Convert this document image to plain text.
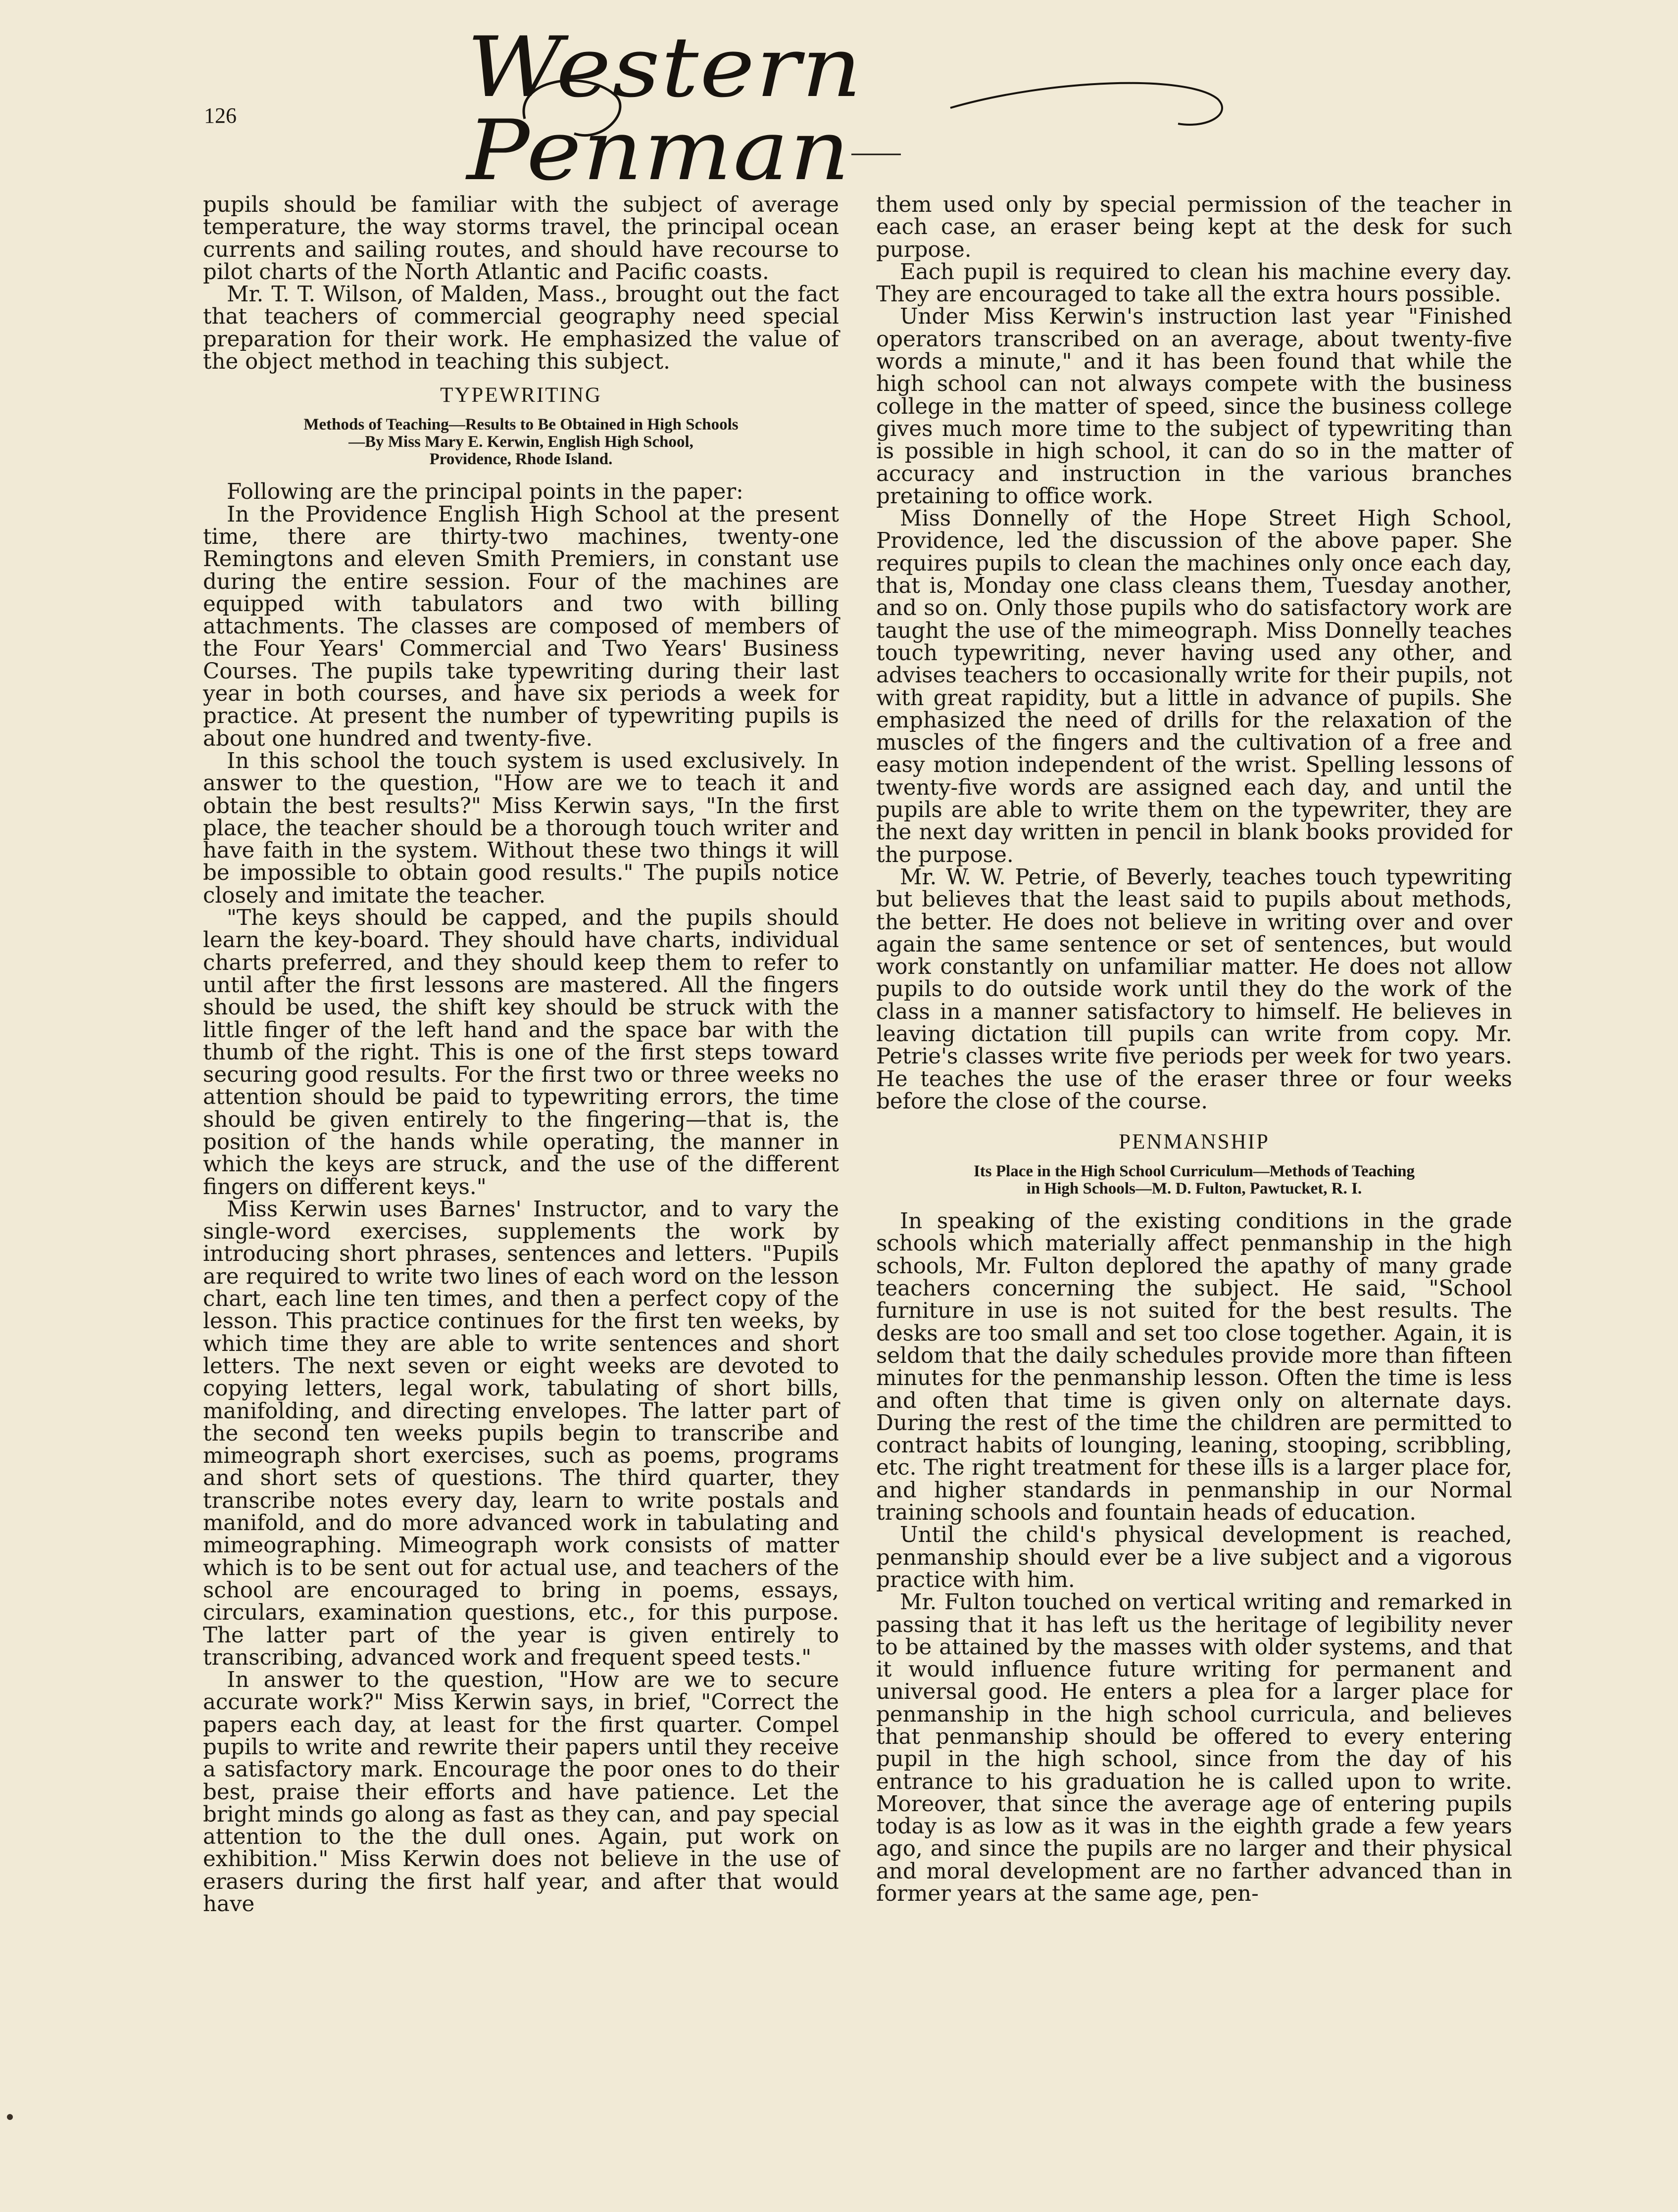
126	Western Penman

pupils should be familiar with the subject of average temperature, the way storms travel, the principal ocean currents and sailing routes, and should have recourse to pilot charts of the North Atlantic and Pacific coasts.

Mr. T. T. Wilson, of Malden, Mass., brought out the fact that teachers of commercial geography need special preparation for their work. He emphasized the value of the object method in teaching this subject.

TYPEWRITING
Methods of Teaching—Results to Be Obtained in High Schools
—By Miss Mary E. Kerwin, English High School,
Providence, Rhode Island.

Following are the principal points in the paper:

In the Providence English High School at the present time, there are thirty-two machines, twenty-one Remingtons and eleven Smith Premiers, in constant use during the entire session. Four of the machines are equipped with tabulators and two with billing attachments. The classes are composed of members of the Four Years' Commercial and Two Years' Business Courses. The pupils take typewriting during their last year in both courses, and have six periods a week for practice. At present the number of typewriting pupils is about one hundred and twenty-five.

In this school the touch system is used exclusively. In answer to the question, "How are we to teach it and obtain the best results?" Miss Kerwin says, "In the first place, the teacher should be a thorough touch writer and have faith in the system. Without these two things it will be impossible to obtain good results." The pupils notice closely and imitate the teacher.

"The keys should be capped, and the pupils should learn the key-board. They should have charts, individual charts preferred, and they should keep them to refer to until after the first lessons are mastered. All the fingers should be used, the shift key should be struck with the little finger of the left hand and the space bar with the thumb of the right. This is one of the first steps toward securing good results. For the first two or three weeks no attention should be paid to typewriting errors, the time should be given entirely to the fingering—that is, the position of the hands while operating, the manner in which the keys are struck, and the use of the different fingers on different keys."

Miss Kerwin uses Barnes' Instructor, and to vary the single-word exercises, supplements the work by introducing short phrases, sentences and letters. "Pupils are required to write two lines of each word on the lesson chart, each line ten times, and then a perfect copy of the lesson. This practice continues for the first ten weeks, by which time they are able to write sentences and short letters. The next seven or eight weeks are devoted to copying letters, legal work, tabulating of short bills, manifolding, and directing envelopes. The latter part of the second ten weeks pupils begin to transcribe and mimeograph short exercises, such as poems, programs and short sets of questions. The third quarter, they transcribe notes every day, learn to write postals and manifold, and do more advanced work in tabulating and mimeographing. Mimeograph work consists of matter which is to be sent out for actual use, and teachers of the school are encouraged to bring in poems, essays, circulars, examination questions, etc., for this purpose. The latter part of the year is given entirely to transcribing, advanced work and frequent speed tests."

In answer to the question, "How are we to secure accurate work?" Miss Kerwin says, in brief, "Correct the papers each day, at least for the first quarter. Compel pupils to write and rewrite their papers until they receive a satisfactory mark. Encourage the poor ones to do their best, praise their efforts and have patience. Let the bright minds go along as fast as they can, and pay special attention to the the dull ones. Again, put work on exhibition." Miss Kerwin does not believe in the use of erasers during the first half year, and after that would have

them used only by special permission of the teacher in each case, an eraser being kept at the desk for such purpose.

Each pupil is required to clean his machine every day. They are encouraged to take all the extra hours possible.

Under Miss Kerwin's instruction last year "Finished operators transcribed on an average, about twenty-five words a minute," and it has been found that while the high school can not always compete with the business college in the matter of speed, since the business college gives much more time to the subject of typewriting than is possible in high school, it can do so in the matter of accuracy and instruction in the various branches pretaining to office work.

Miss Donnelly of the Hope Street High School, Providence, led the discussion of the above paper. She requires pupils to clean the machines only once each day, that is, Monday one class cleans them, Tuesday another, and so on. Only those pupils who do satisfactory work are taught the use of the mimeograph. Miss Donnelly teaches touch typewriting, never having used any other, and advises teachers to occasionally write for their pupils, not with great rapidity, but a little in advance of pupils. She emphasized the need of drills for the relaxation of the muscles of the fingers and the cultivation of a free and easy motion independent of the wrist. Spelling lessons of twenty-five words are assigned each day, and until the pupils are able to write them on the typewriter, they are the next day written in pencil in blank books provided for the purpose.

Mr. W. W. Petrie, of Beverly, teaches touch typewriting but believes that the least said to pupils about methods, the better. He does not believe in writing over and over again the same sentence or set of sentences, but would work constantly on unfamiliar matter. He does not allow pupils to do outside work until they do the work of the class in a manner satisfactory to himself. He believes in leaving dictation till pupils can write from copy. Mr. Petrie's classes write five periods per week for two years. He teaches the use of the eraser three or four weeks before the close of the course.

PENMANSHIP
Its Place in the High School Curriculum—Methods of Teaching
in High Schools—M. D. Fulton, Pawtucket, R. I.

In speaking of the existing conditions in the grade schools which materially affect penmanship in the high schools, Mr. Fulton deplored the apathy of many grade teachers concerning the subject. He said, "School furniture in use is not suited for the best results. The desks are too small and set too close together. Again, it is seldom that the daily schedules provide more than fifteen minutes for the penmanship lesson. Often the time is less and often that time is given only on alternate days. During the rest of the time the children are permitted to contract habits of lounging, leaning, stooping, scribbling, etc. The right treatment for these ills is a larger place for, and higher standards in penmanship in our Normal training schools and fountain heads of education.

Until the child's physical development is reached, penmanship should ever be a live subject and a vigorous practice with him.

Mr. Fulton touched on vertical writing and remarked in passing that it has left us the heritage of legibility never to be attained by the masses with older systems, and that it would influence future writing for permanent and universal good. He enters a plea for a larger place for penmanship in the high school curricula, and believes that penmanship should be offered to every entering pupil in the high school, since from the day of his entrance to his graduation he is called upon to write. Moreover, that since the average age of entering pupils today is as low as it was in the eighth grade a few years ago, and since the pupils are no larger and their physical and moral development are no farther advanced than in former years at the same age, pen-
